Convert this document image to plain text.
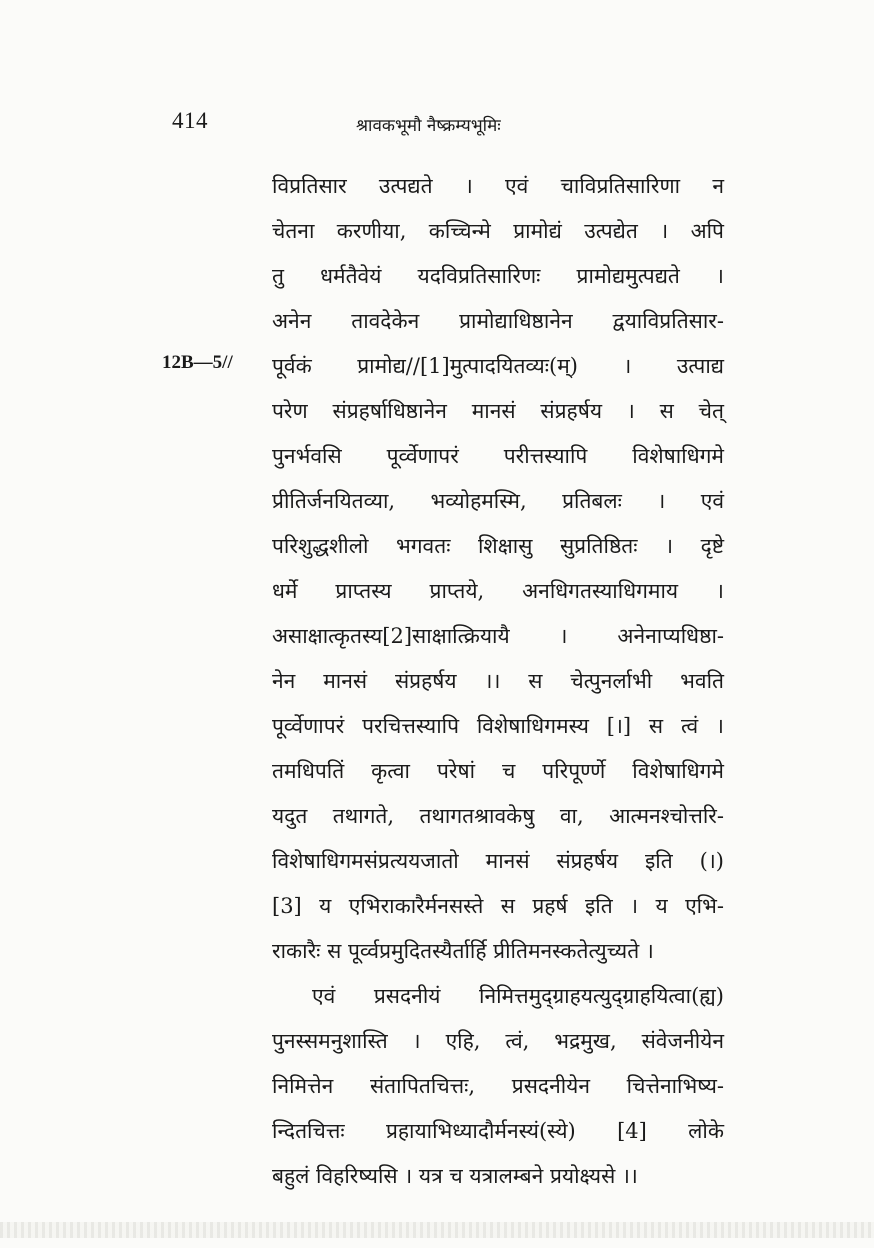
414	श्रावकभूमौ नैष्क्रम्यभूमिः
12B—5//
विप्रतिसार उत्पद्यते । एवं चाविप्रतिसारिणा न
चेतना करणीया, कच्चिन्मे प्रामोद्यं उत्पद्येत । अपि
तु धर्मतैवेयं यदविप्रतिसारिणः प्रामोद्यमुत्पद्यते ।
अनेन तावदेकेन प्रामोद्याधिष्ठानेन द्वयाविप्रतिसार-
पूर्वकं प्रामोद्य//[1]मुत्पादयितव्यः(म्) । उत्पाद्य
परेण संप्रहर्षाधिष्ठानेन मानसं संप्रहर्षय । स चेत्
पुनर्भवसि पूर्व्वेणापरं परीत्तस्यापि विशेषाधिगमे
प्रीतिर्जनयितव्या, भव्योहमस्मि, प्रतिबलः । एवं
परिशुद्धशीलो भगवतः शिक्षासु सुप्रतिष्ठितः । दृष्टे
धर्मे प्राप्तस्य प्राप्तये, अनधिगतस्याधिगमाय ।
असाक्षात्कृतस्य[2]साक्षात्क्रियायै । अनेनाप्यधिष्ठा-
नेन मानसं संप्रहर्षय ।। स चेत्पुनर्लाभी भवति
पूर्व्वेणापरं परचित्तस्यापि विशेषाधिगमस्य [।] स त्वं ।
तमधिपतिं कृत्वा परेषां च परिपूर्ण्णे विशेषाधिगमे
यदुत तथागते, तथागतश्रावकेषु वा, आत्मनश्चोत्तरि-
विशेषाधिगमसंप्रत्ययजातो मानसं संप्रहर्षय इति (।)
[3] य एभिराकारैर्मनसस्ते स प्रहर्ष इति । य एभि-
राकारैः स पूर्व्वप्रमुदितस्यैर्तार्हि प्रीतिमनस्कतेत्युच्यते ।
एवं प्रसदनीयं निमित्तमुद्ग्राहयत्युद्ग्राहयित्वा(ह्य)
पुनस्समनुशास्ति । एहि, त्वं, भद्रमुख, संवेजनीयेन
निमित्तेन संतापितचित्तः, प्रसदनीयेन चित्तेनाभिष्य-
न्दितचित्तः प्रहायाभिध्यादौर्मनस्यं(स्ये) [4] लोके
बहुलं विहरिष्यसि । यत्र च यत्रालम्बने प्रयोक्ष्यसे ।।
